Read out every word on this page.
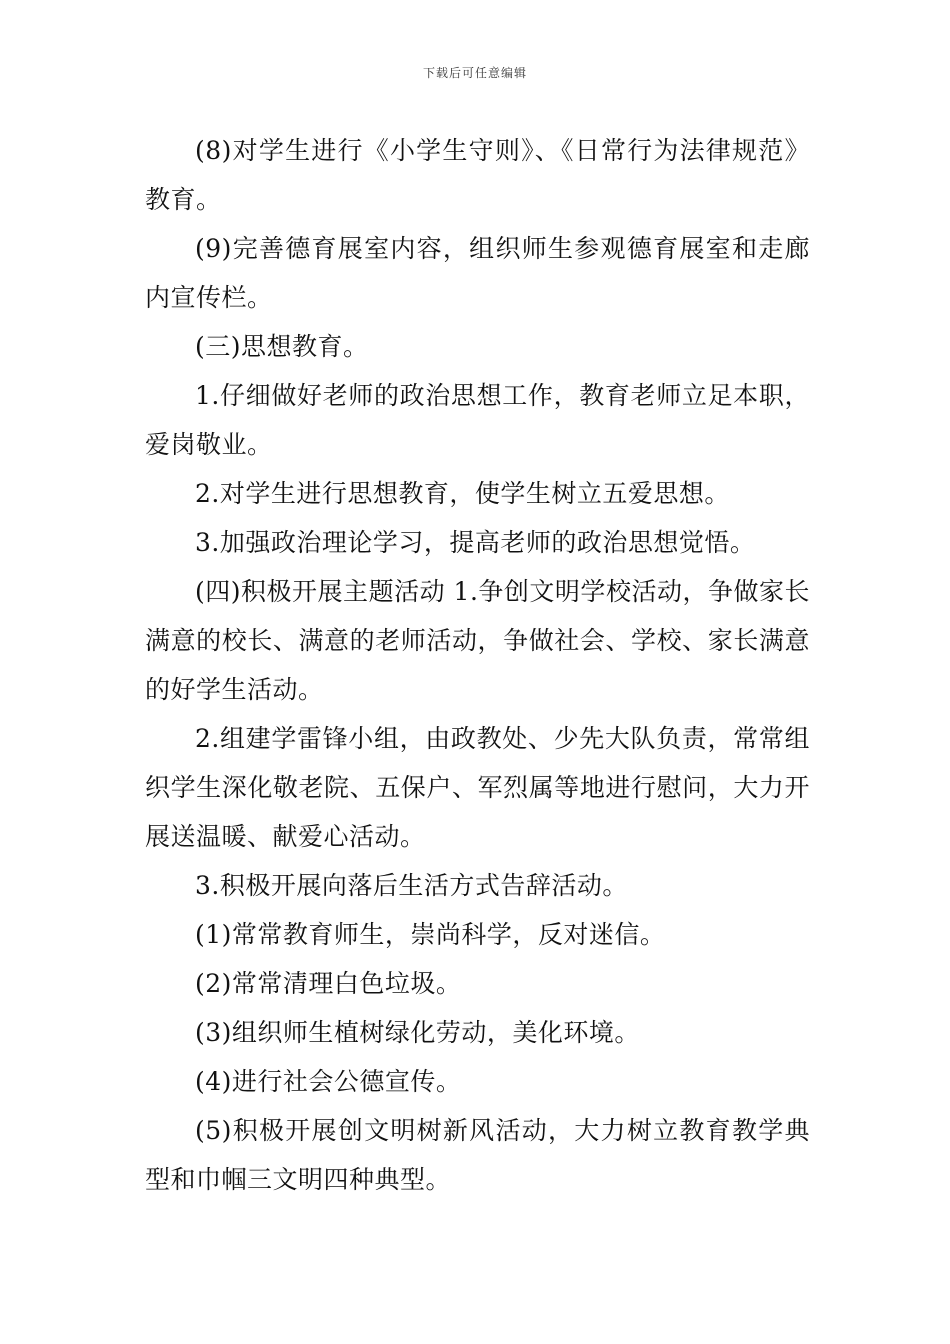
下载后可任意编辑

(8)对学生进行《小学生守则》、《日常行为法律规范》教育。

(9)完善德育展室内容，组织师生参观德育展室和走廊内宣传栏。

(三)思想教育。

1.仔细做好老师的政治思想工作，教育老师立足本职，爱岗敬业。

2.对学生进行思想教育，使学生树立五爱思想。

3.加强政治理论学习，提高老师的政治思想觉悟。

(四)积极开展主题活动 1.争创文明学校活动，争做家长满意的校长、满意的老师活动，争做社会、学校、家长满意的好学生活动。

2.组建学雷锋小组，由政教处、少先大队负责，常常组织学生深化敬老院、五保户、军烈属等地进行慰问，大力开展送温暖、献爱心活动。

3.积极开展向落后生活方式告辞活动。

(1)常常教育师生，崇尚科学，反对迷信。

(2)常常清理白色垃圾。

(3)组织师生植树绿化劳动，美化环境。

(4)进行社会公德宣传。

(5)积极开展创文明树新风活动，大力树立教育教学典型和巾帼三文明四种典型。
